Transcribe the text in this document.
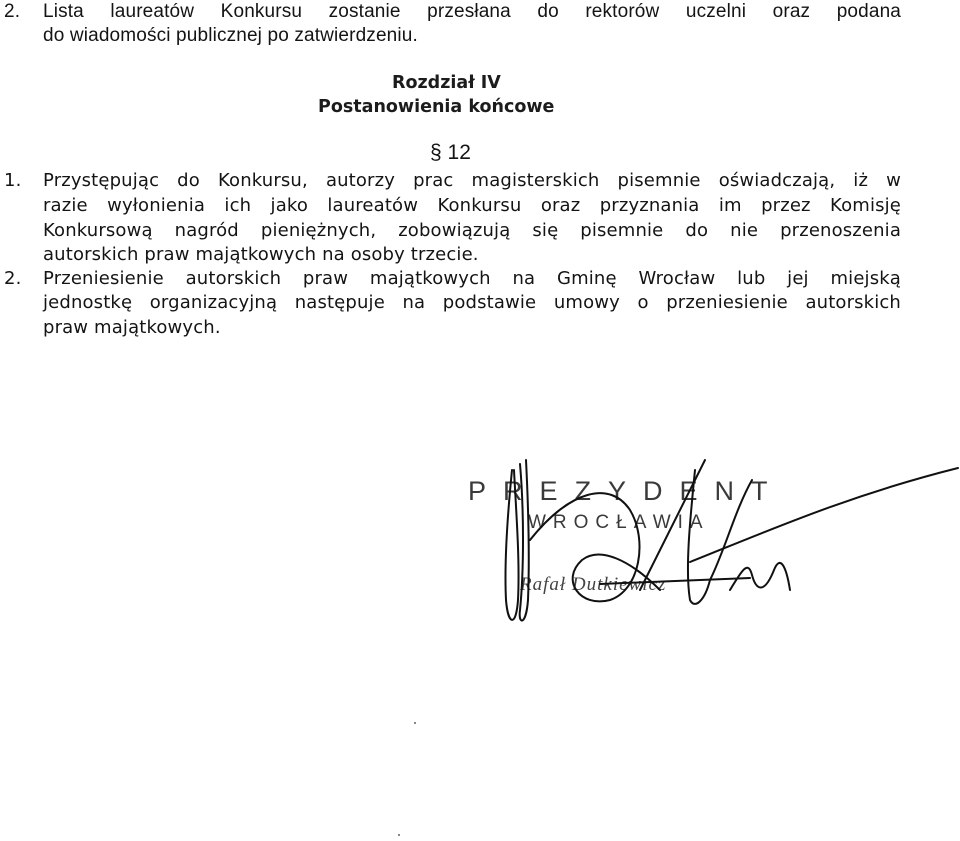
2. Lista laureatów Konkursu zostanie przesłana do rektorów uczelni oraz podana
do wiadomości publicznej po zatwierdzeniu.
Rozdział IV
Postanowienia końcowe
§ 12
1. Przystępując do Konkursu, autorzy prac magisterskich pisemnie oświadczają, iż w
razie wyłonienia ich jako laureatów Konkursu oraz przyznania im przez Komisję
Konkursową nagród pieniężnych, zobowiązują się pisemnie do nie przenoszenia
autorskich praw majątkowych na osoby trzecie.
2. Przeniesienie autorskich praw majątkowych na Gminę Wrocław lub jej miejską
jednostkę organizacyjną następuje na podstawie umowy o przeniesienie autorskich
praw majątkowych.
PREZYDENT
WROCŁAWIA
Rafał Dutkiewicz
